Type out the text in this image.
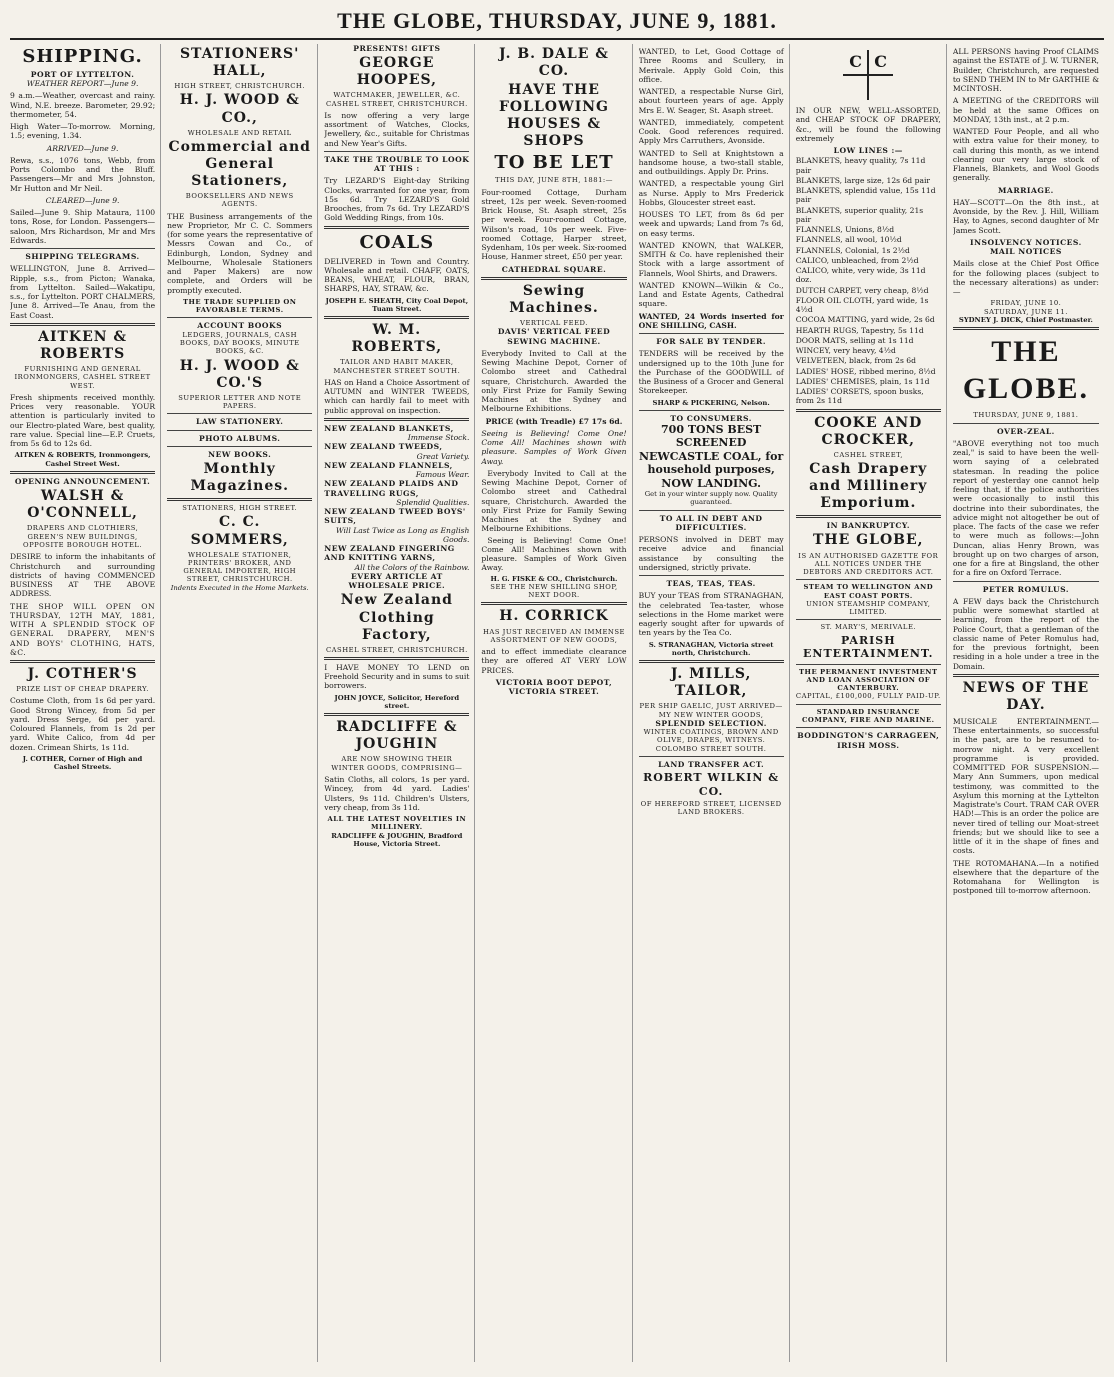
THE GLOBE, THURSDAY, JUNE 9, 1881.
SHIPPING.
PORT OF LYTTELTON.
WEATHER REPORT—June 9.
9 a.m.—Weather, overcast and rainy. Wind, N.E. breeze. Barometer, 29.92; thermometer, 54.
High Water—To-morrow. Morning, 1.5; evening, 1.34.
ARRIVED—June 9.
Rewa, s.s., 1076 tons, Webb, from Ports Colombo and the Bluff. Passengers—Mr and Mrs Johnston, Mr Hutton and Mr Neil.
CLEARED—June 9.
Sailed—June 9. Ship Mataura, 1100 tons, Rose, for London. Passengers—saloon, Mrs Richardson, Mr and Mrs Edwards.
SHIPPING TELEGRAMS.
WELLINGTON, June 8. Arrived—Ripple, s.s., from Picton; Wanaka, from Lyttelton. Sailed—Wakatipu, s.s., for Lyttelton. PORT CHALMERS, June 8. Arrived—Te Anau, from the East Coast.
AITKEN & ROBERTS
FURNISHING AND GENERAL IRONMONGERS, CASHEL STREET WEST.
Fresh shipments received monthly. Prices very reasonable. YOUR attention is particularly invited to our Electro-plated Ware, best quality, rare value. Special line—E.P. Cruets, from 5s 6d to 12s 6d.
AITKEN & ROBERTS, Ironmongers, Cashel Street West.
OPENING ANNOUNCEMENT.
WALSH & O'CONNELL,
DRAPERS AND CLOTHIERS, GREEN'S NEW BUILDINGS, OPPOSITE BOROUGH HOTEL.
DESIRE to inform the inhabitants of Christchurch and surrounding districts of having COMMENCED BUSINESS AT THE ABOVE ADDRESS.
THE SHOP WILL OPEN ON THURSDAY, 12TH MAY, 1881, WITH A SPLENDID STOCK OF GENERAL DRAPERY, MEN'S AND BOYS' CLOTHING, HATS, &C.
J. COTHER'S
PRIZE LIST OF CHEAP DRAPERY.
Costume Cloth, from 1s 6d per yard. Good Strong Wincey, from 5d per yard. Dress Serge, 6d per yard. Coloured Flannels, from 1s 2d per yard. White Calico, from 4d per dozen. Crimean Shirts, 1s 11d.
J. COTHER, Corner of High and Cashel Streets.
STATIONERS' HALL,
HIGH STREET, CHRISTCHURCH.
H. J. WOOD & CO.,
WHOLESALE AND RETAIL
Commercial and General Stationers,
BOOKSELLERS AND NEWS AGENTS.
THE Business arrangements of the new Proprietor, Mr C. C. Sommers (for some years the representative of Messrs Cowan and Co., of Edinburgh, London, Sydney and Melbourne, Wholesale Stationers and Paper Makers) are now complete, and Orders will be promptly executed.
THE TRADE SUPPLIED ON FAVORABLE TERMS.
ACCOUNT BOOKS
LEDGERS, JOURNALS, CASH BOOKS, DAY BOOKS, MINUTE BOOKS, &C.
H. J. WOOD & CO.'S
SUPERIOR LETTER AND NOTE PAPERS.
LAW STATIONERY.
PHOTO ALBUMS.
NEW BOOKS.
Monthly Magazines.
STATIONERS, HIGH STREET.
C. C. SOMMERS,
WHOLESALE STATIONER, PRINTERS' BROKER, AND GENERAL IMPORTER, HIGH STREET, CHRISTCHURCH.
Indents Executed in the Home Markets.
PRESENTS! GIFTS
GEORGE HOOPES,
WATCHMAKER, JEWELLER, &C. CASHEL STREET, CHRISTCHURCH.
Is now offering a very large assortment of Watches, Clocks, Jewellery, &c., suitable for Christmas and New Year's Gifts.
TAKE THE TROUBLE TO LOOK AT THIS :
Try LEZARD'S Eight-day Striking Clocks, warranted for one year, from 15s 6d. Try LEZARD'S Gold Brooches, from 7s 6d. Try LEZARD'S Gold Wedding Rings, from 10s.
COALS
DELIVERED in Town and Country. Wholesale and retail. CHAFF, OATS, BEANS, WHEAT, FLOUR, BRAN, SHARPS, HAY, STRAW, &c.
JOSEPH E. SHEATH, City Coal Depot, Tuam Street.
W. M. ROBERTS,
TAILOR AND HABIT MAKER, MANCHESTER STREET SOUTH.
HAS on Hand a Choice Assortment of AUTUMN and WINTER TWEEDS, which can hardly fail to meet with public approval on inspection.
NEW ZEALAND BLANKETS,
Immense Stock.
NEW ZEALAND TWEEDS,
Great Variety.
NEW ZEALAND FLANNELS,
Famous Wear.
NEW ZEALAND PLAIDS AND TRAVELLING RUGS,
Splendid Qualities.
NEW ZEALAND TWEED BOYS' SUITS,
Will Last Twice as Long as English Goods.
NEW ZEALAND FINGERING AND KNITTING YARNS,
All the Colors of the Rainbow.
EVERY ARTICLE AT WHOLESALE PRICE.
New Zealand Clothing Factory,
CASHEL STREET, CHRISTCHURCH.
I HAVE MONEY TO LEND on Freehold Security and in sums to suit borrowers.
JOHN JOYCE, Solicitor, Hereford street.
RADCLIFFE & JOUGHIN
ARE NOW SHOWING THEIR WINTER GOODS, COMPRISING—
Satin Cloths, all colors, 1s per yard. Wincey, from 4d yard. Ladies' Ulsters, 9s 11d. Children's Ulsters, very cheap, from 3s 11d.
ALL THE LATEST NOVELTIES IN MILLINERY.
RADCLIFFE & JOUGHIN, Bradford House, Victoria Street.
J. B. DALE & CO.
HAVE THE FOLLOWING HOUSES & SHOPS
TO BE LET
THIS DAY, JUNE 8TH, 1881:—
Four-roomed Cottage, Durham street, 12s per week. Seven-roomed Brick House, St. Asaph street, 25s per week. Four-roomed Cottage, Wilson's road, 10s per week. Five-roomed Cottage, Harper street, Sydenham, 10s per week. Six-roomed House, Hanmer street, £50 per year.
CATHEDRAL SQUARE.
Sewing Machines.
VERTICAL FEED.
DAVIS' VERTICAL FEED SEWING MACHINE.
Everybody Invited to Call at the Sewing Machine Depot, Corner of Colombo street and Cathedral square, Christchurch. Awarded the only First Prize for Family Sewing Machines at the Sydney and Melbourne Exhibitions.
PRICE (with Treadle) £7 17s 6d.
Seeing is Believing! Come One! Come All! Machines shown with pleasure. Samples of Work Given Away.

Everybody Invited to Call at the Sewing Machine Depot, Corner of Colombo street and Cathedral square, Christchurch. Awarded the only First Prize for Family Sewing Machines at the Sydney and Melbourne Exhibitions.

Seeing is Believing! Come One! Come All! Machines shown with pleasure. Samples of Work Given Away.

H. G. FISKE & CO., Christchurch.
SEE THE NEW SHILLING SHOP, NEXT DOOR.
H. CORRICK
HAS JUST RECEIVED AN IMMENSE ASSORTMENT OF NEW GOODS,
and to effect immediate clearance they are offered AT VERY LOW PRICES.
VICTORIA BOOT DEPOT, VICTORIA STREET.
WANTED, to Let, Good Cottage of Three Rooms and Scullery, in Merivale. Apply Gold Coin, this office.
WANTED, a respectable Nurse Girl, about fourteen years of age. Apply Mrs E. W. Seager, St. Asaph street.
WANTED, immediately, competent Cook. Good references required. Apply Mrs Carruthers, Avonside.
WANTED to Sell at Knightstown a handsome house, a two-stall stable, and outbuildings. Apply Dr. Prins.
WANTED, a respectable young Girl as Nurse. Apply to Mrs Frederick Hobbs, Gloucester street east.
HOUSES TO LET, from 8s 6d per week and upwards; Land from 7s 6d, on easy terms.
WANTED KNOWN, that WALKER, SMITH & Co. have replenished their Stock with a large assortment of Flannels, Wool Shirts, and Drawers.
WANTED KNOWN—Wilkin & Co., Land and Estate Agents, Cathedral square.
WANTED, 24 Words inserted for ONE SHILLING, CASH.
FOR SALE BY TENDER.
TENDERS will be received by the undersigned up to the 10th June for the Purchase of the GOODWILL of the Business of a Grocer and General Storekeeper.
SHARP & PICKERING, Nelson.
TO CONSUMERS.
700 TONS BEST SCREENED NEWCASTLE COAL, for household purposes, NOW LANDING.
Get in your winter supply now. Quality guaranteed.
TO ALL IN DEBT AND DIFFICULTIES.
PERSONS involved in DEBT may receive advice and financial assistance by consulting the undersigned, strictly private.
TEAS, TEAS, TEAS.
BUY your TEAS from STRANAGHAN, the celebrated Tea-taster, whose selections in the Home market were eagerly sought after for upwards of ten years by the Tea Co.
S. STRANAGHAN, Victoria street north, Christchurch.
J. MILLS, TAILOR,
PER SHIP GAELIC, JUST ARRIVED—MY NEW WINTER GOODS,
SPLENDID SELECTION.
WINTER COATINGS, BROWN AND OLIVE, DRAPES, WITNEYS.
COLOMBO STREET SOUTH.
LAND TRANSFER ACT.
ROBERT WILKIN & CO.
OF HEREFORD STREET, LICENSED LAND BROKERS.
C C
IN OUR NEW, WELL-ASSORTED, and CHEAP STOCK OF DRAPERY, &c., will be found the following extremely
LOW LINES :—
BLANKETS, heavy quality, 7s 11d pair
BLANKETS, large size, 12s 6d pair
BLANKETS, splendid value, 15s 11d pair
BLANKETS, superior quality, 21s pair
FLANNELS, Unions, 8½d
FLANNELS, all wool, 10½d
FLANNELS, Colonial, 1s 2½d
CALICO, unbleached, from 2½d
CALICO, white, very wide, 3s 11d doz.
DUTCH CARPET, very cheap, 8½d
FLOOR OIL CLOTH, yard wide, 1s 4½d
COCOA MATTING, yard wide, 2s 6d
HEARTH RUGS, Tapestry, 5s 11d
DOOR MATS, selling at 1s 11d
WINCEY, very heavy, 4½d
VELVETEEN, black, from 2s 6d
LADIES' HOSE, ribbed merino, 8½d
LADIES' CHEMISES, plain, 1s 11d
LADIES' CORSETS, spoon busks, from 2s 11d
COOKE AND CROCKER,
CASHEL STREET,
Cash Drapery and Millinery Emporium.
IN BANKRUPTCY.
THE GLOBE,
IS AN AUTHORISED GAZETTE FOR ALL NOTICES UNDER THE DEBTORS AND CREDITORS ACT.
STEAM TO WELLINGTON AND EAST COAST PORTS.
UNION STEAMSHIP COMPANY, LIMITED.
ST. MARY'S, MERIVALE.
PARISH ENTERTAINMENT.
THE PERMANENT INVESTMENT AND LOAN ASSOCIATION OF CANTERBURY.
CAPITAL, £100,000, FULLY PAID-UP.
STANDARD INSURANCE COMPANY, FIRE AND MARINE.
BODDINGTON'S CARRAGEEN, IRISH MOSS.
ALL PERSONS having Proof CLAIMS against the ESTATE of J. W. TURNER, Builder, Christchurch, are requested to SEND THEM IN to Mr GARTHIE & MCINTOSH.
A MEETING of the CREDITORS will be held at the same Offices on MONDAY, 13th inst., at 2 p.m.
WANTED Four People, and all who with extra value for their money, to call during this month, as we intend clearing our very large stock of Flannels, Blankets, and Wool Goods generally.
MARRIAGE.
HAY—SCOTT—On the 8th inst., at Avonside, by the Rev. J. Hill, William Hay, to Agnes, second daughter of Mr James Scott.
INSOLVENCY NOTICES.
MAIL NOTICES
Mails close at the Chief Post Office for the following places (subject to the necessary alterations) as under:—
FRIDAY, JUNE 10.
SATURDAY, JUNE 11.
SYDNEY J. DICK, Chief Postmaster.
THE GLOBE.
THURSDAY, JUNE 9, 1881.
OVER-ZEAL.
"ABOVE everything not too much zeal," is said to have been the well-worn saying of a celebrated statesman. In reading the police report of yesterday one cannot help feeling that, if the police authorities were occasionally to instil this doctrine into their subordinates, the advice might not altogether be out of place. The facts of the case we refer to were much as follows:—John Duncan, alias Henry Brown, was brought up on two charges of arson, one for a fire at Bingsland, the other for a fire on Oxford Terrace.
PETER ROMULUS.
A FEW days back the Christchurch public were somewhat startled at learning, from the report of the Police Court, that a gentleman of the classic name of Peter Romulus had, for the previous fortnight, been residing in a hole under a tree in the Domain.
NEWS OF THE DAY.
MUSICALE ENTERTAINMENT.—These entertainments, so successful in the past, are to be resumed to-morrow night. A very excellent programme is provided. COMMITTED FOR SUSPENSION.—Mary Ann Summers, upon medical testimony, was committed to the Asylum this morning at the Lyttelton Magistrate's Court. TRAM CAR OVER HAD!—This is an order the police are never tired of telling our Moat-street friends; but we should like to see a little of it in the shape of fines and costs.
THE ROTOMAHANA.—In a notified elsewhere that the departure of the Rotomahana for Wellington is postponed till to-morrow afternoon.
